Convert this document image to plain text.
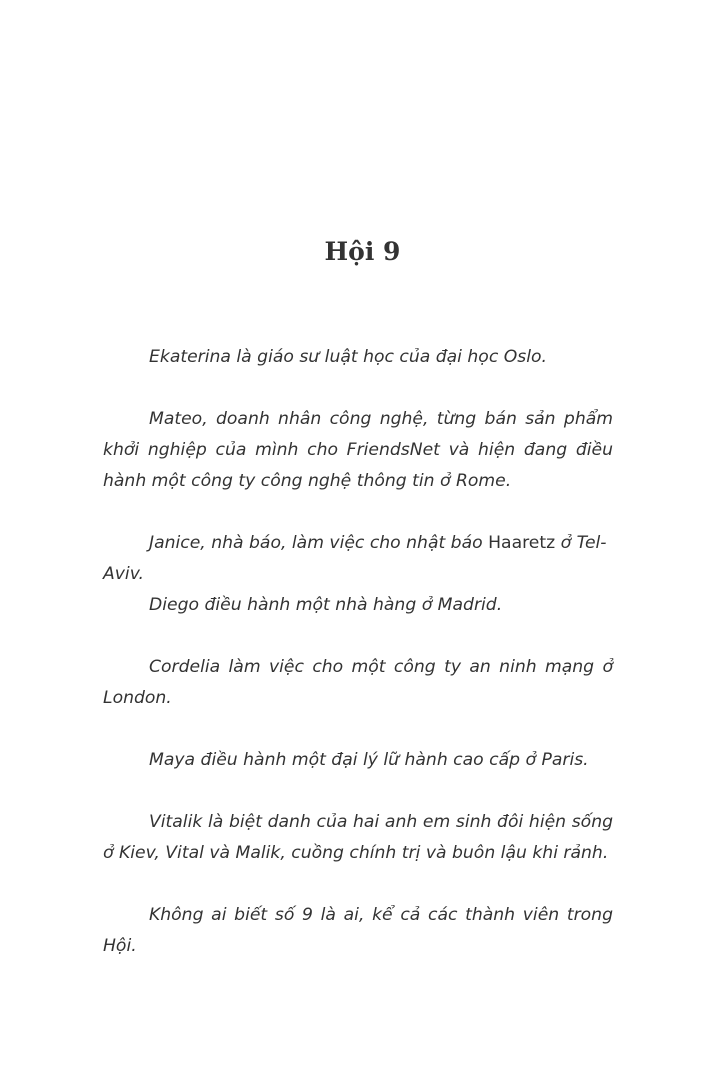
Hội 9

Ekaterina là giáo sư luật học của đại học Oslo.

Mateo, doanh nhân công nghệ, từng bán sản phẩm khởi nghiệp của mình cho FriendsNet và hiện đang điều hành một công ty công nghệ thông tin ở Rome.

Janice, nhà báo, làm việc cho nhật báo Haaretz ở Tel-Aviv.

Diego điều hành một nhà hàng ở Madrid.

Cordelia làm việc cho một công ty an ninh mạng ở London.

Maya điều hành một đại lý lữ hành cao cấp ở Paris.

Vitalik là biệt danh của hai anh em sinh đôi hiện sống ở Kiev, Vital và Malik, cuồng chính trị và buôn lậu khi rảnh.

Không ai biết số 9 là ai, kể cả các thành viên trong Hội.
